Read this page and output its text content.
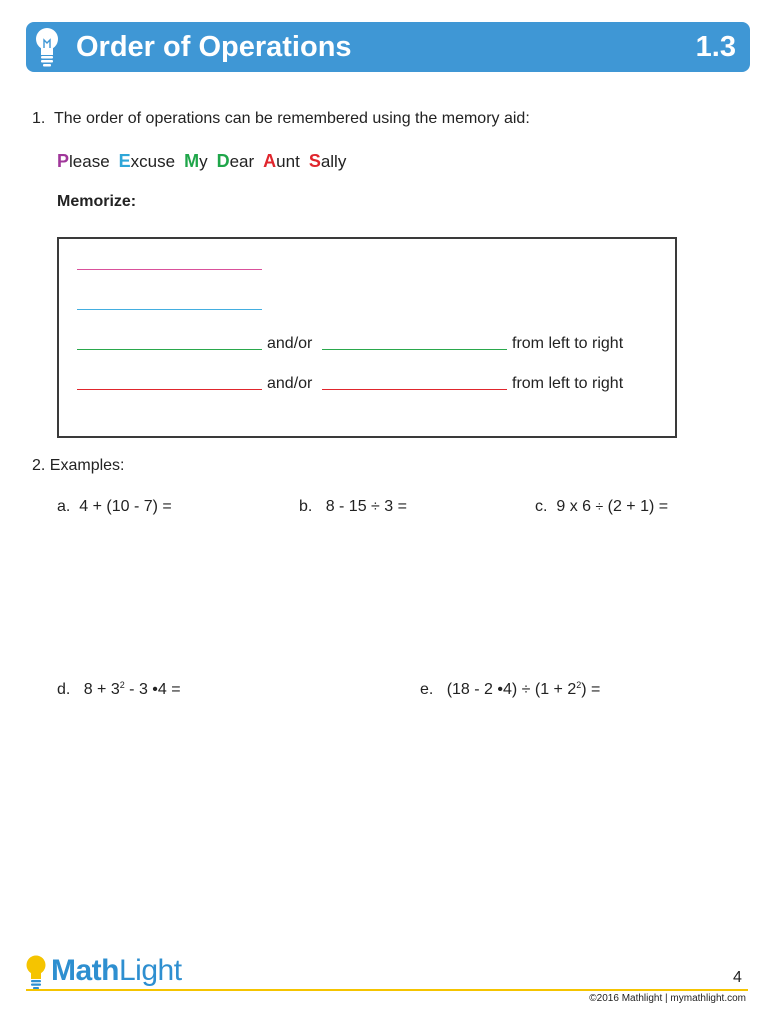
Order of Operations	1.3
1. The order of operations can be remembered using the memory aid:
Please Excuse My Dear Aunt Sally
Memorize:
and/or	from left to right
and/or	from left to right
2. Examples:
a. 4 + (10 - 7) =	b. 8 - 15 ÷ 3 =	c. 9 x 6 ÷ (2 + 1) =
d. $8 + 3^2 - 3$ •4 =	e. (18 - 2 •4) ÷ $(1 + 2^2)$ =
MathLight	4
©2016 Mathlight | mymathlight.com
